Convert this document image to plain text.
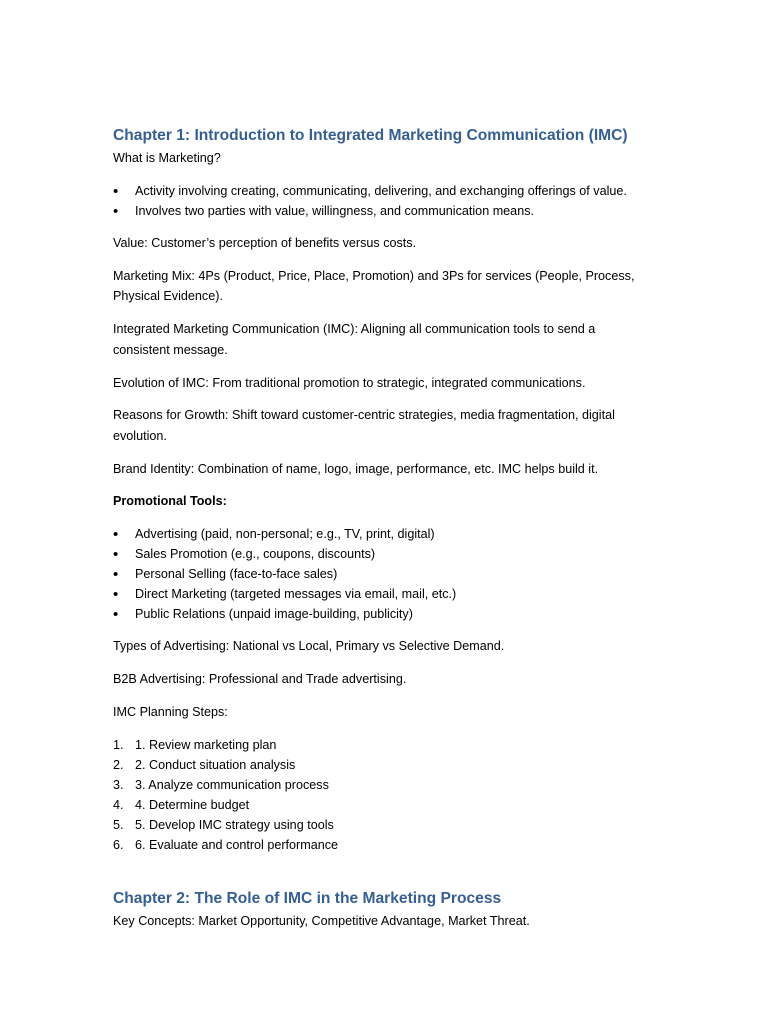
Chapter 1: Introduction to Integrated Marketing Communication (IMC)

What is Marketing?

• Activity involving creating, communicating, delivering, and exchanging offerings of value.
• Involves two parties with value, willingness, and communication means.

Value: Customer’s perception of benefits versus costs.

Marketing Mix: 4Ps (Product, Price, Place, Promotion) and 3Ps for services (People, Process, Physical Evidence).

Integrated Marketing Communication (IMC): Aligning all communication tools to send a consistent message.

Evolution of IMC: From traditional promotion to strategic, integrated communications.

Reasons for Growth: Shift toward customer-centric strategies, media fragmentation, digital evolution.

Brand Identity: Combination of name, logo, image, performance, etc. IMC helps build it.

Promotional Tools:

• Advertising (paid, non-personal; e.g., TV, print, digital)
• Sales Promotion (e.g., coupons, discounts)
• Personal Selling (face-to-face sales)
• Direct Marketing (targeted messages via email, mail, etc.)
• Public Relations (unpaid image-building, publicity)

Types of Advertising: National vs Local, Primary vs Selective Demand.

B2B Advertising: Professional and Trade advertising.

IMC Planning Steps:

1. 1. Review marketing plan
2. 2. Conduct situation analysis
3. 3. Analyze communication process
4. 4. Determine budget
5. 5. Develop IMC strategy using tools
6. 6. Evaluate and control performance
Chapter 2: The Role of IMC in the Marketing Process

Key Concepts: Market Opportunity, Competitive Advantage, Market Threat.
